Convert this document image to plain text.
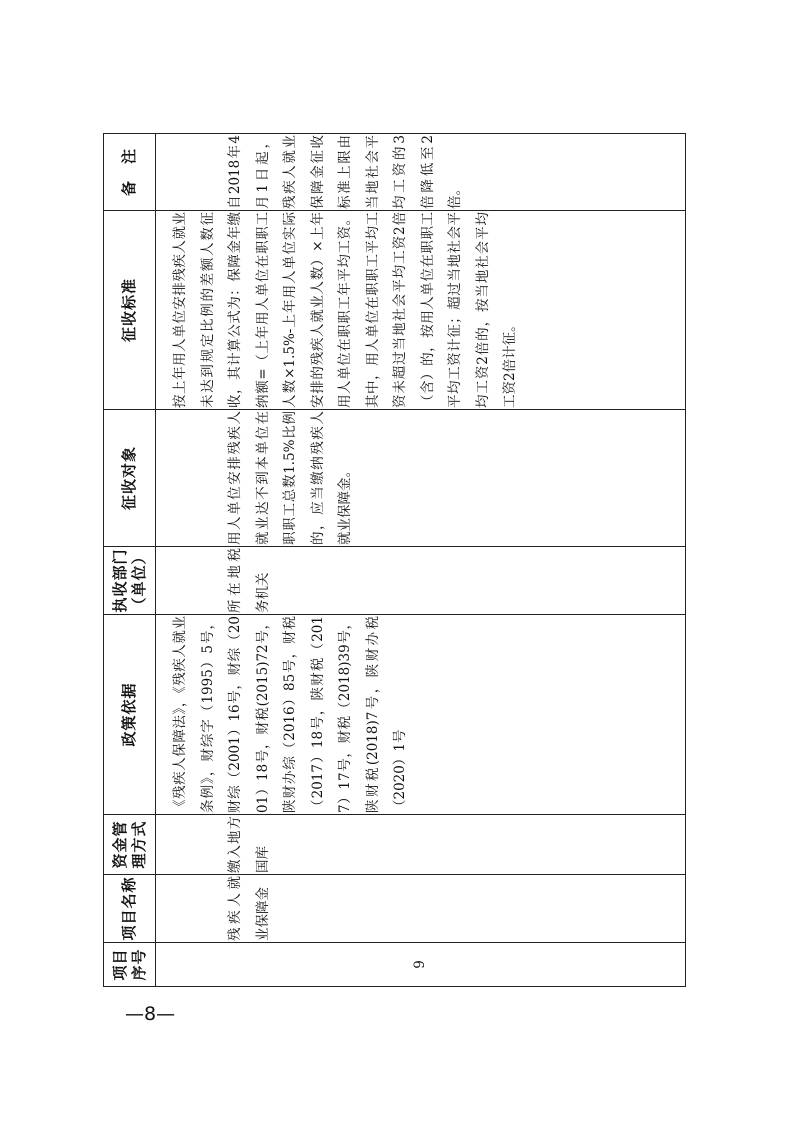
项目序号	项目名称	资金管理方式	政策依据	执收部门（单位）	征收对象	征收标准	备　注
9	残疾人就业保障金	缴入地方国库	《残疾人保障法》，《残疾人就业条例》，财综字（1995）5号，财综（2001）16号，财综（2001）18号，财税(2015)72号，陕财办综（2016）85号，财税（2017）18号，陕财税（2017）17号，财税（2018)39号，陕财税(2018)7号，陕财办税（2020）1号	所在地税务机关	用人单位安排残疾人就业达不到本单位在职职工总数1.5%比例的，应当缴纳残疾人就业保障金。	按上年用人单位安排残疾人就业未达到规定比例的差额人数征收，其计算公式为：保障金年缴纳额=（上年用人单位在职职工人数×1.5%-上年用人单位实际安排的残疾人就业人数）×上年用人单位在职职工年平均工资。其中，用人单位在职职工平均工资未超过当地社会平均工资2倍（含）的，按用人单位在职职工平均工资计征；超过当地社会平均工资2倍的，按当地社会平均工资2倍计征。	自2018年4月1日起，残疾人就业保障金征收标准上限由当地社会平均工资的3倍降低至2倍。
—8—
